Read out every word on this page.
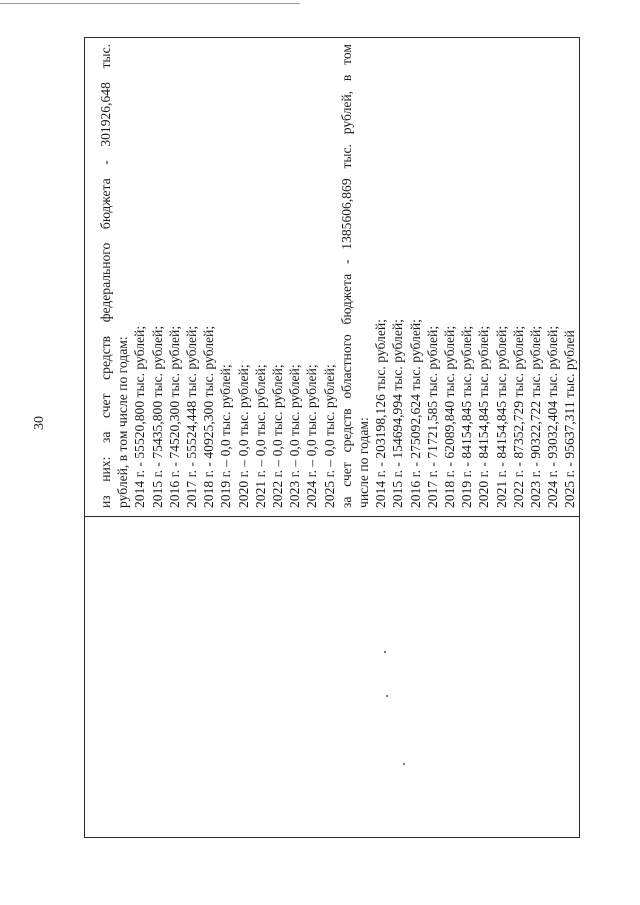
30	из них: за счет средств федерального бюджета - 301926,648 тыс. рублей, в том числе по годам: 2014 г. - 55520,800 тыс. рублей; 2015 г. - 75435,800 тыс. рублей; 2016 г. - 74520,300 тыс. рублей; 2017 г. - 55524,448 тыс. рублей; 2018 г. - 40925,300 тыс. рублей; 2019 г. – 0,0 тыс. рублей; 2020 г. – 0,0 тыс. рублей; 2021 г. – 0,0 тыс. рублей; 2022 г. – 0,0 тыс. рублей; 2023 г. – 0,0 тыс. рублей; 2024 г. – 0,0 тыс. рублей; 2025 г. – 0,0 тыс. рублей; за счет средств областного бюджета - 1385606,869 тыс. рублей, в том числе по годам: 2014 г. - 203198,126 тыс. рублей; 2015 г. - 154694,994 тыс. рублей; 2016 г. - 275092,624 тыс. рублей; 2017 г. - 71721,585 тыс. рублей; 2018 г. - 62089,840 тыс. рублей; 2019 г. - 84154,845 тыс. рублей; 2020 г. - 84154,845 тыс. рублей; 2021 г. - 84154,845 тыс. рублей; 2022 г. - 87352,729 тыс. рублей; 2023 г. - 90322,722 тыс. рублей; 2024 г. - 93032,404 тыс. рублей; 2025 г. - 95637,311 тыс. рублей
